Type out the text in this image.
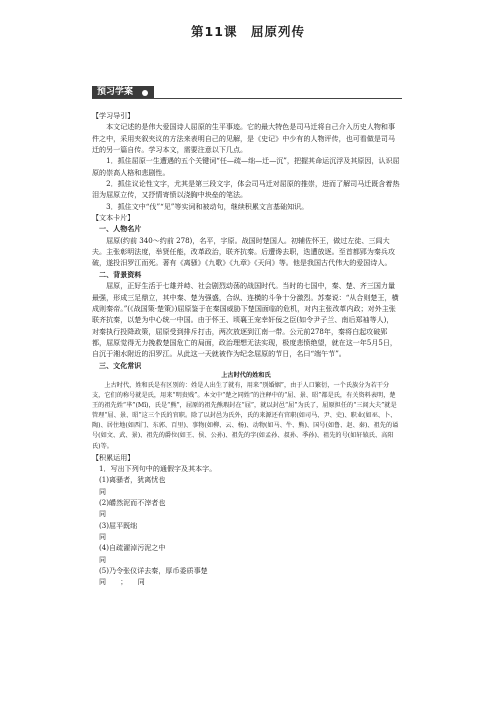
第11课　屈原列传
预习学案

【学习导引】

本文记述的是伟大爱国诗人屈原的生平事迹。它的最大特色是司马迁将自己介入历史人物和事件之中，采用夹叙夹议的方法来表明自己的见解，是《史记》中少有的人物评传，也可看做是司马迁的另一篇自传。学习本文，需要注意以下几点。

1．抓住屈原一生遭遇的五个关键词“任—疏—绌—迁—沉”，把握其命运沉浮及其原因，认识屈原的崇高人格和悲剧性。

2．抓住议论性文字，尤其是第三段文字，体会司马迁对屈原的推崇，进而了解司马迁既含着热泪为屈原立传，又抒情寄愤以浇胸中块垒的笔法。

3．抓住文中“伐”“见”等实词和被动句，继续积累文言基础知识。

【文本卡片】

一、人物名片

屈原(约前 340～约前 278)，名平，字原。战国时楚国人。初辅佐怀王，做过左徒、三闾大夫。主张彰明法度，举贤任能，改革政治，联齐抗秦。后遭谗去职，迭遭放逐。至首都郢为秦兵攻破，遂投汨罗江而死。著有《离骚》《九歌》《九章》《天问》等。他是我国古代伟大的爱国诗人。

二、背景资料

屈原，正好生活于七雄并峙、社会剧烈动荡的战国时代。当时的七国中，秦、楚、齐三国力量最强，形成三足鼎立，其中秦、楚为强盛，合纵、连横的斗争十分激烈。苏秦说：“从合则楚王，横成则秦帝。”(《战国策·楚策》)屈原鉴于在秦国威胁下楚国面临的危机，对内主张改革内政；对外主张联齐抗秦，以楚为中心统一中国。由于怀王、顷襄王宠幸奸佞之臣(如令尹子兰、南后郑袖等人)，对秦执行投降政策，屈原受到排斥打击，两次放逐到江南一带。公元前278年，秦将白起攻破郢都，屈原觉得无力挽救楚国危亡的局面，政治理想无法实现，极度悲愤绝望，就在这一年5月5日，自沉于湘水附近的汨罗江。从此这一天就被作为纪念屈原的节日，名曰“端午节”。

三、文化常识

上古时代的姓和氏

上古时代，姓和氏是有区别的：姓是人出生了就有，用来“别婚姻”，由于人口繁衍，一个氏族分为若干分支，它们的称号就是氏，用来“明贵贱”。本文中“楚之同姓”的注释中的“屈、景、昭”都是氏，有关资料表明，楚王的祖先姓“芈”(Mǐ)，氏是“熊”，屈原的祖先熊瑕封在“屈”，就以封邑“屈”为氏了，屈原担任的“三闾大夫”就是管理“屈、景、昭”这三个氏的官职。除了以封邑为氏外，氏的来源还有官职(如司马、尹、史)、职业(如巫、卜、陶)、居住地(如西门、东郭、百里)、事物(如柳、云、杨)、动物(如马、牛、熊)、国号(如鲁、赵、秦)、祖先的谥号(如文、武、景)、祖先的爵位(如王、侯、公孙)、祖先的字(如孟孙、叔孙、季孙)、祖先的号(如轩辕氏、高阳氏)等。

【积累运用】

1．写出下列句中的通假字及其本字。

(1)离骚者，犹离忧也

同

(2)皭然泥而不滓者也

同

(3)屈平既绌

同

(4)自疏濯淖污泥之中

同

(5)乃令张仪详去秦，厚币委质事楚

同　　；　　同
